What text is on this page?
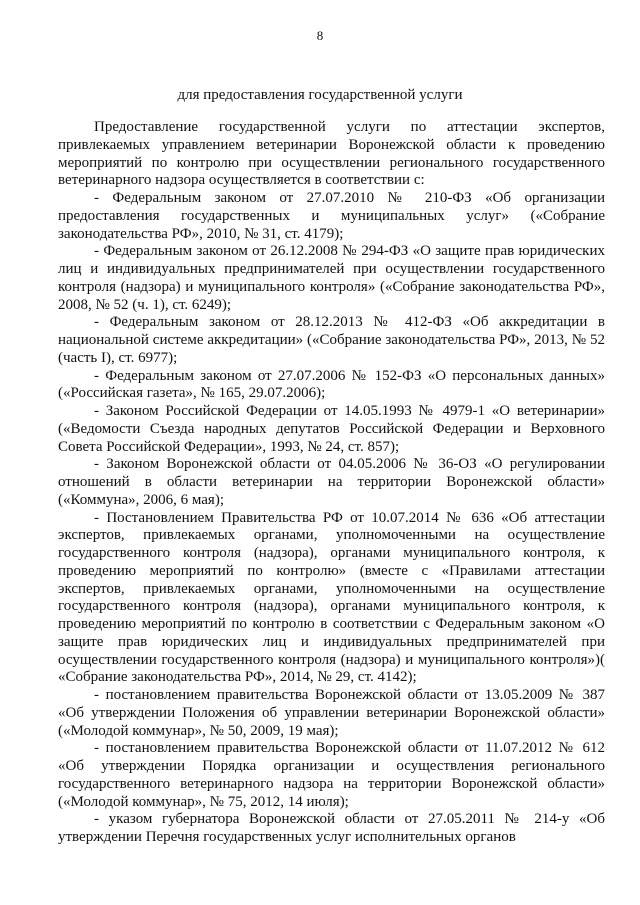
8
для предоставления государственной услуги

Предоставление государственной услуги по аттестации экспертов, привлекаемых управлением ветеринарии Воронежской области к проведению мероприятий по контролю при осуществлении регионального государственного ветеринарного надзора осуществляется в соответствии с:

- Федеральным законом от 27.07.2010 № 210-ФЗ «Об организации предоставления государственных и муниципальных услуг» («Собрание законодательства РФ», 2010, № 31, ст. 4179);

- Федеральным законом от 26.12.2008 № 294-ФЗ «О защите прав юридических лиц и индивидуальных предпринимателей при осуществлении государственного контроля (надзора) и муниципального контроля» («Собрание законодательства РФ», 2008, № 52 (ч. 1), ст. 6249);

- Федеральным законом от 28.12.2013 № 412-ФЗ «Об аккредитации в национальной системе аккредитации» («Собрание законодательства РФ», 2013, № 52 (часть I), ст. 6977);

- Федеральным законом от 27.07.2006 № 152-ФЗ «О персональных данных» («Российская газета», № 165, 29.07.2006);

- Законом Российской Федерации от 14.05.1993 № 4979-1 «О ветеринарии» («Ведомости Съезда народных депутатов Российской Федерации и Верховного Совета Российской Федерации», 1993, № 24, ст. 857);

- Законом Воронежской области от 04.05.2006 № 36-ОЗ «О регулировании отношений в области ветеринарии на территории Воронежской области» («Коммуна», 2006, 6 мая);

- Постановлением Правительства РФ от 10.07.2014 № 636 «Об аттестации экспертов, привлекаемых органами, уполномоченными на осуществление государственного контроля (надзора), органами муниципального контроля, к проведению мероприятий по контролю» (вместе с «Правилами аттестации экспертов, привлекаемых органами, уполномоченными на осуществление государственного контроля (надзора), органами муниципального контроля, к проведению мероприятий по контролю в соответствии с Федеральным законом «О защите прав юридических лиц и индивидуальных предпринимателей при осуществлении государственного контроля (надзора) и муниципального контроля»)( «Собрание законодательства РФ», 2014, № 29, ст. 4142);

- постановлением правительства Воронежской области от 13.05.2009 № 387 «Об утверждении Положения об управлении ветеринарии Воронежской области» («Молодой коммунар», № 50, 2009, 19 мая);

- постановлением правительства Воронежской области от 11.07.2012 № 612 «Об утверждении Порядка организации и осуществления регионального государственного ветеринарного надзора на территории Воронежской области» («Молодой коммунар», № 75, 2012, 14 июля);

- указом губернатора Воронежской области от 27.05.2011 № 214-у «Об утверждении Перечня государственных услуг исполнительных органов
